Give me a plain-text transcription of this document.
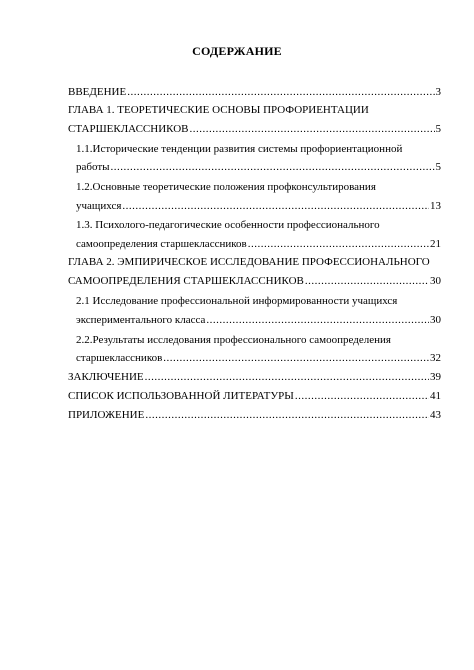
СОДЕРЖАНИЕ
ВВЕДЕНИЕ .....	3
ГЛАВА 1. ТЕОРЕТИЧЕСКИЕ ОСНОВЫ ПРОФОРИЕНТАЦИИ
СТАРШЕКЛАССНИКОВ .....	5
1.1.Исторические тенденции развития системы профориентационной
работы .....	5
1.2.Основные теоретические положения профконсультирования
учащихся .....	13
1.3. Психолого-педагогические особенности профессионального
самоопределения старшеклассников .....	21
ГЛАВА 2. ЭМПИРИЧЕСКОЕ ИССЛЕДОВАНИЕ ПРОФЕССИОНАЛЬНОГО
САМООПРЕДЕЛЕНИЯ СТАРШЕКЛАССНИКОВ .....	30
2.1 Исследование профессиональной информированности учащихся
экспериментального класса .....	30
2.2.Результаты исследования профессионального самоопределения
старшеклассников .....	32
ЗАКЛЮЧЕНИЕ .....	39
СПИСОК ИСПОЛЬЗОВАННОЙ ЛИТЕРАТУРЫ .....	41
ПРИЛОЖЕНИЕ .....	43
